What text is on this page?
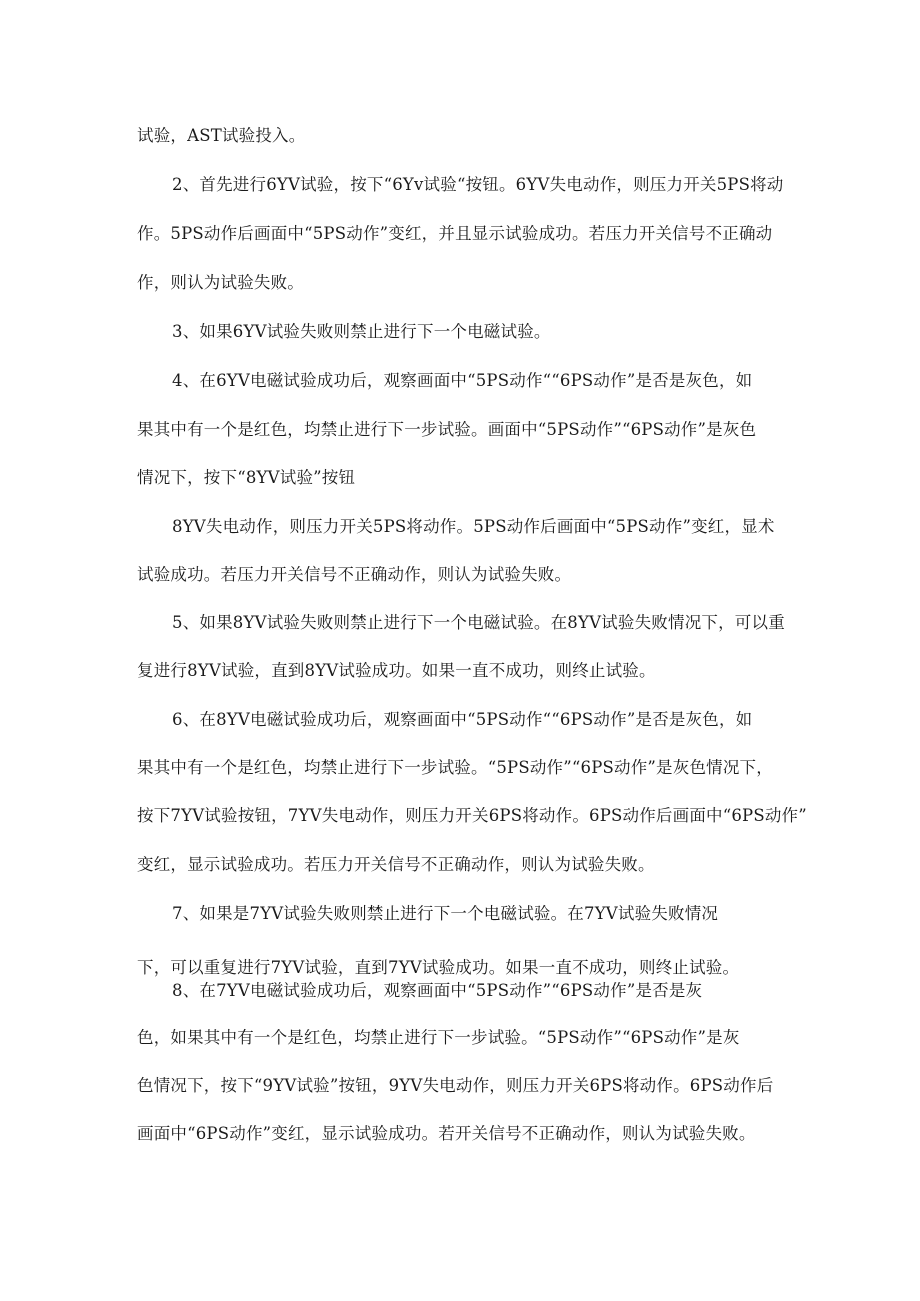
试验，AST试验投入。
2、首先进行6YV试验，按下“6Yv试验“按钮。6YV失电动作，则压力开关5PS将动
作。5PS动作后画面中“5PS动作”变红，并且显示试验成功。若压力开关信号不正确动
作，则认为试验失败。
3、如果6YV试验失败则禁止进行下一个电磁试验。
4、在6YV电磁试验成功后，观察画面中“5PS动作““6PS动作”是否是灰色，如
果其中有一个是红色，均禁止进行下一步试验。画面中“5PS动作”“6PS动作”是灰色
情况下，按下“8YV试验”按钮
8YV失电动作，则压力开关5PS将动作。5PS动作后画面中“5PS动作”变红，显术
试验成功。若压力开关信号不正确动作，则认为试验失败。
5、如果8YV试验失败则禁止进行下一个电磁试验。在8YV试验失败情况下，可以重
复进行8YV试验，直到8YV试验成功。如果一直不成功，则终止试验。
6、在8YV电磁试验成功后，观察画面中“5PS动作““6PS动作”是否是灰色，如
果其中有一个是红色，均禁止进行下一步试验。“5PS动作”“6PS动作”是灰色情况下，
按下7YV试验按钮，7YV失电动作，则压力开关6PS将动作。6PS动作后画面中“6PS动作”
变红，显示试验成功。若压力开关信号不正确动作，则认为试验失败。
7、如果是7YV试验失败则禁止进行下一个电磁试验。在7YV试验失败情况
下，可以重复进行7YV试验，直到7YV试验成功。如果一直不成功，则终止试验。
8、在7YV电磁试验成功后，观察画面中“5PS动作”“6PS动作”是否是灰
色，如果其中有一个是红色，均禁止进行下一步试验。“5PS动作”“6PS动作”是灰
色情况下，按下“9YV试验”按钮，9YV失电动作，则压力开关6PS将动作。6PS动作后
画面中“6PS动作”变红，显示试验成功。若开关信号不正确动作，则认为试验失败。
